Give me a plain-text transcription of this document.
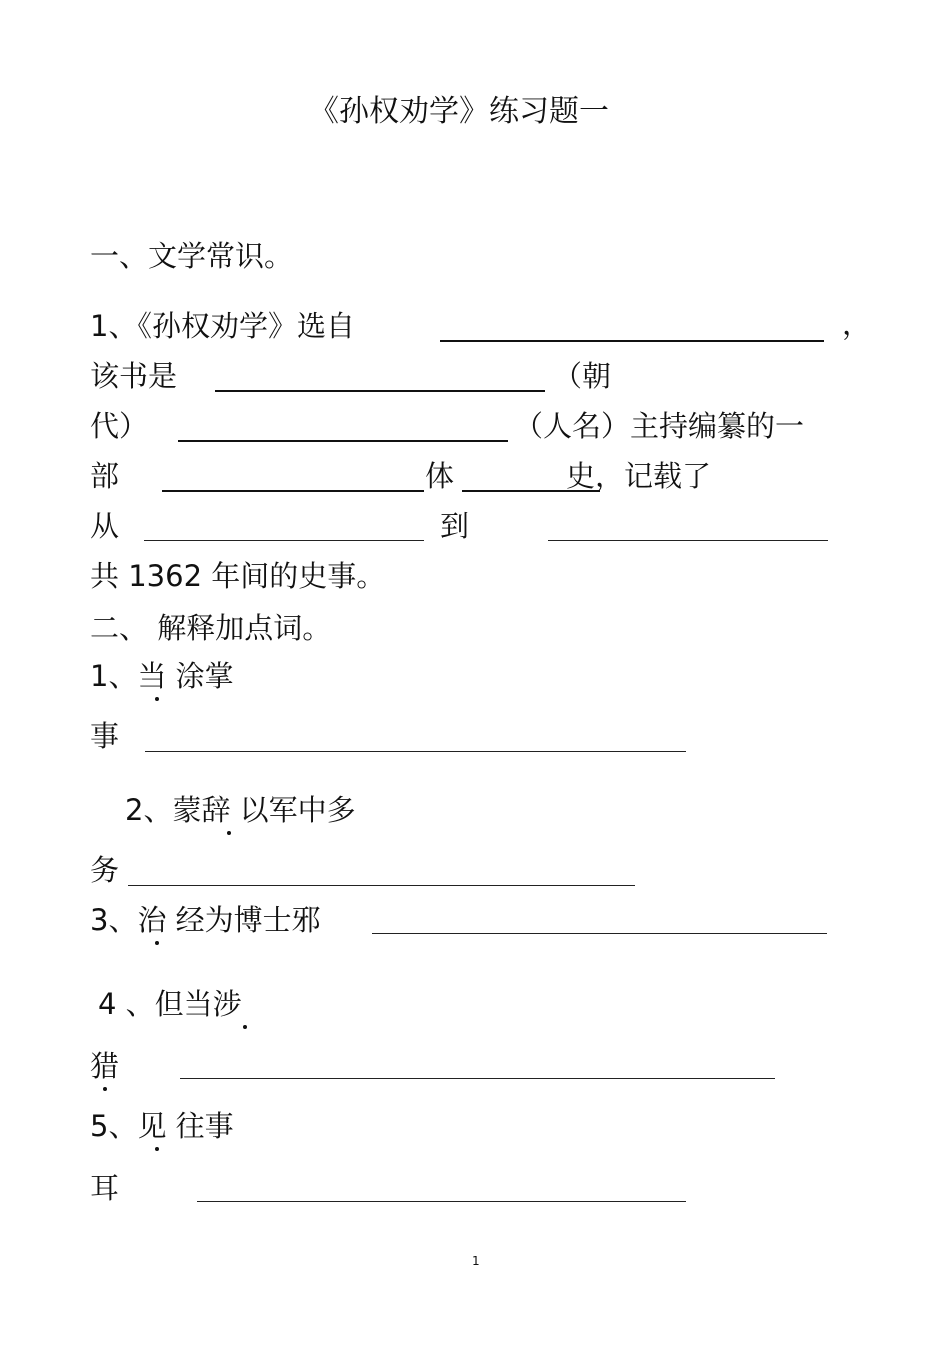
《孙权劝学》练习题一
一、文学常识。
1、《孙权劝学》选自	，
该书是	（朝
代）	（人名）主持编纂的一
部	体	史，记载了
从	到
共 1362 年间的史事。
二、 解释加点词。
1、当 涂掌
事
2、蒙辞 以军中多
务
3、治 经为博士邪
4 、但当涉
猎
5、见 往事
耳
1
